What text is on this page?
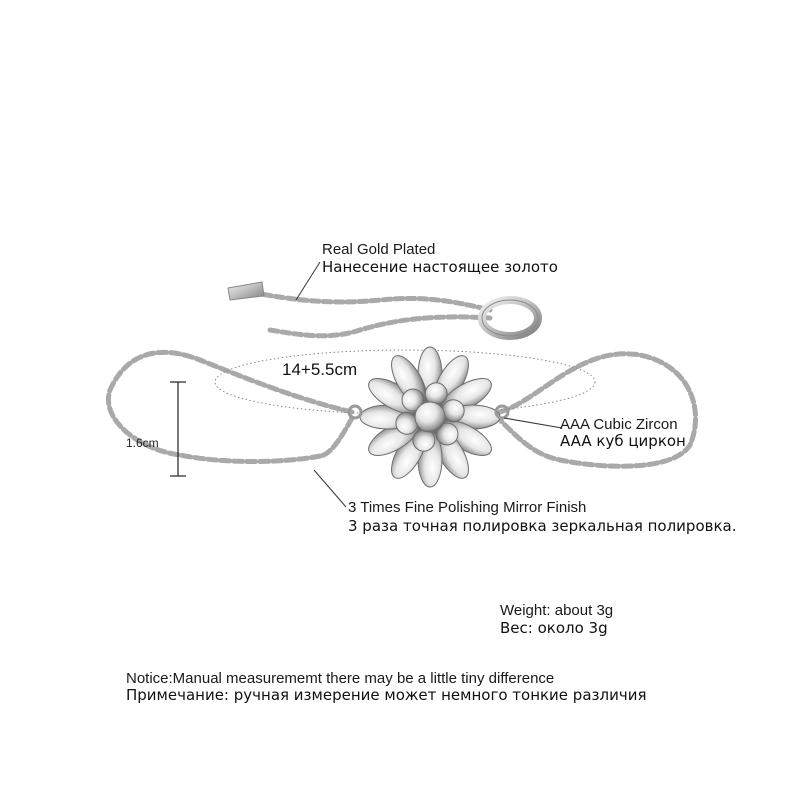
Real Gold Plated
Нанесение настоящее золото
14+5.5cm
1.6cm
AAA Cubic Zircon
AAA куб циркон
3 Times Fine Polishing Mirror Finish
3 раза точная полировка зеркальная полировка.
Weight: about 3g
Вес: около 3g
Notice:Manual measurememt there may be a little tiny difference
Примечание: ручная измерение может немного тонкие различия
